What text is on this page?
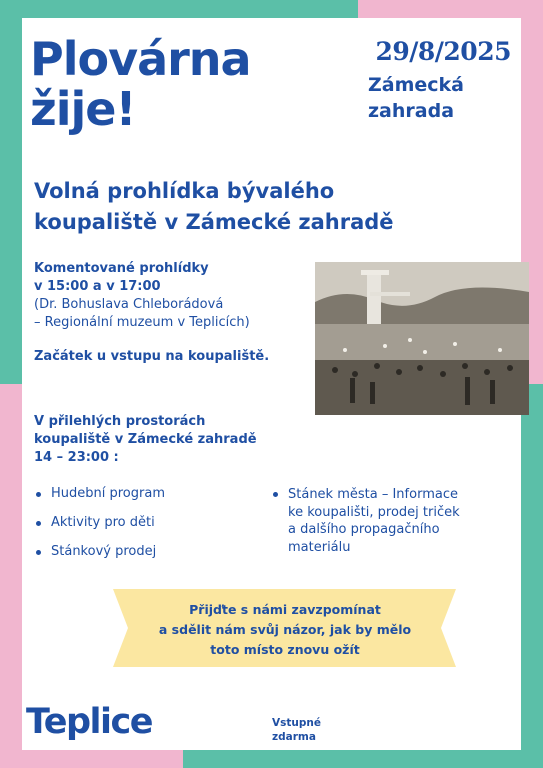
Plovárna
žije!
29/8/2025
Zámecká
zahrada
Volná prohlídka bývalého
koupaliště v Zámecké zahradě
Komentované prohlídky
v 15:00 a v 17:00
(Dr. Bohuslava Chleborádová
– Regionální muzeum v Teplicích)
Začátek u vstupu na koupaliště.
V přilehlých prostorách
koupaliště v Zámecké zahradě
14 – 23:00 :
Hudební program
Aktivity pro děti
Stánkový prodej
Stánek města – Informace
ke koupališti, prodej triček
a dalšího propagačního
materiálu
Přijďte s námi zavzpomínat
a sdělit nám svůj názor, jak by mělo
toto místo znovu ožít
Teplice	Vstupné
zdarma
